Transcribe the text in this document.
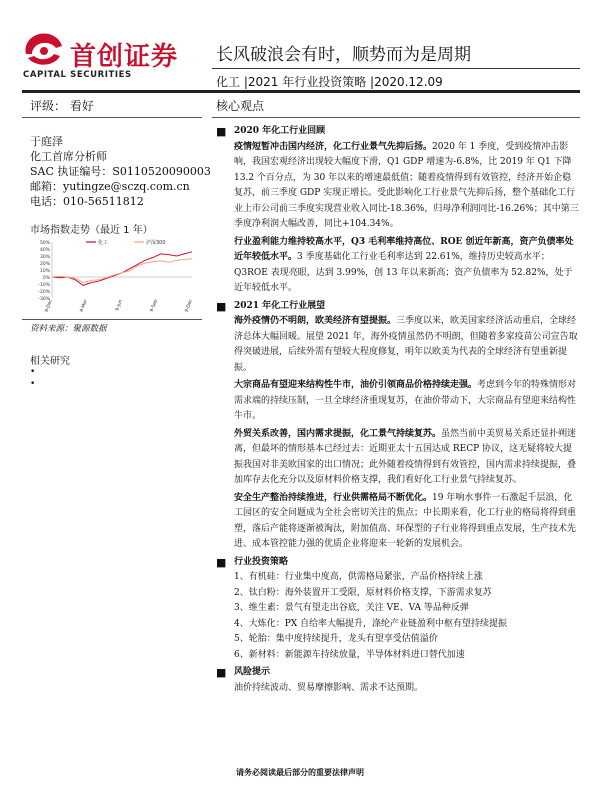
首创证券
CAPITAL SECURITIES
长风破浪会有时，顺势而为是周期
化工 |2021 年行业投资策略 |2020.12.09
评级： 看好
于庭泽
化工首席分析师
SAC 执证编号：S0110520090003
邮箱：yutingze@sczq.com.cn
电话：010-56511812
市场指数走势（最近 1 年）
50%
40%
30%
20%
10%
0%
-10%
-20%
-30%
9-Dec	9-Mar	9-Jun	9-Sep	9-Dec
化工	沪深300
资料来源：聚源数据
相关研究
•
•
核心观点
■ 2020 年化工行业回顾
疫情短暂冲击国内经济，化工行业景气先抑后扬。2020 年 1 季度，受到疫情冲击影响，我国宏观经济出现较大幅度下滑，Q1 GDP 增速为-6.8%，比 2019 年 Q1 下降 13.2 个百分点，为 30 年以来的增速最低值；随着疫情得到有效管控，经济开始企稳复苏，前三季度 GDP 实现正增长。受此影响化工行业景气先抑后扬，整个基础化工行业上市公司前三季度实现营业收入同比-18.36%，归母净利润同比-16.26%；其中第三季度净利润大幅改善，同比+104.34%。
行业盈利能力维持较高水平，Q3 毛利率维持高位、ROE 创近年新高，资产负债率处近年较低水平。3 季度基础化工行业毛利率达到 22.61%，维持历史较高水平；Q3ROE 表现亮眼，达到 3.99%，创 13 年以来新高；资产负债率为 52.82%，处于近年较低水平。
■ 2021 年化工行业展望
海外疫情仍不明朗，欧美经济有望提振。三季度以来，欧美国家经济活动重启，全球经济总体大幅回暖。展望 2021 年，海外疫情虽然仍不明朗，但随着多家疫苗公司宣告取得突破进展，后续外需有望较大程度修复，明年以欧美为代表的全球经济有望重新提振。
大宗商品有望迎来结构性牛市，油价引领商品价格持续走强。考虑到今年的特殊情形对需求端的持续压制，一旦全球经济重现复苏，在油价带动下，大宗商品有望迎来结构性牛市。
外贸关系改善，国内需求提振，化工景气持续复苏。虽然当前中美贸易关系还显扑朔迷离，但最坏的情形基本已经过去：近期亚太十五国达成 RECP 协议，这无疑将较大提振我国对非美欧国家的出口情况；此外随着疫情得到有效管控，国内需求持续提振，叠加库存去化充分以及原材料价格支撑，我们看好化工行业景气持续复苏。
安全生产整治持续推进，行业供需格局不断优化。19 年响水事件一石激起千层浪，化工园区的安全问题成为全社会密切关注的焦点；中长期来看，化工行业的格局将得到重塑，落后产能将逐渐被淘汰，附加值高、环保型的子行业将得到重点发展，生产技术先进、成本管控能力强的优质企业将迎来一轮新的发展机会。
■ 行业投资策略
1、有机硅：行业集中度高，供需格局紧张，产品价格持续上涨
2、钛白粉：海外装置开工受限，原材料价格支撑，下游需求复苏
3、维生素：景气有望走出谷底，关注 VE、VA 等品种反弹
4、大炼化：PX 自给率大幅提升，涤纶产业链盈利中枢有望持续提振
5、轮胎：集中度持续提升，龙头有望享受估值溢价
6、新材料：新能源车持续放量，半导体材料进口替代加速
■ 风险提示
油价持续波动、贸易摩擦影响、需求不达预期。
请务必阅读最后部分的重要法律声明
